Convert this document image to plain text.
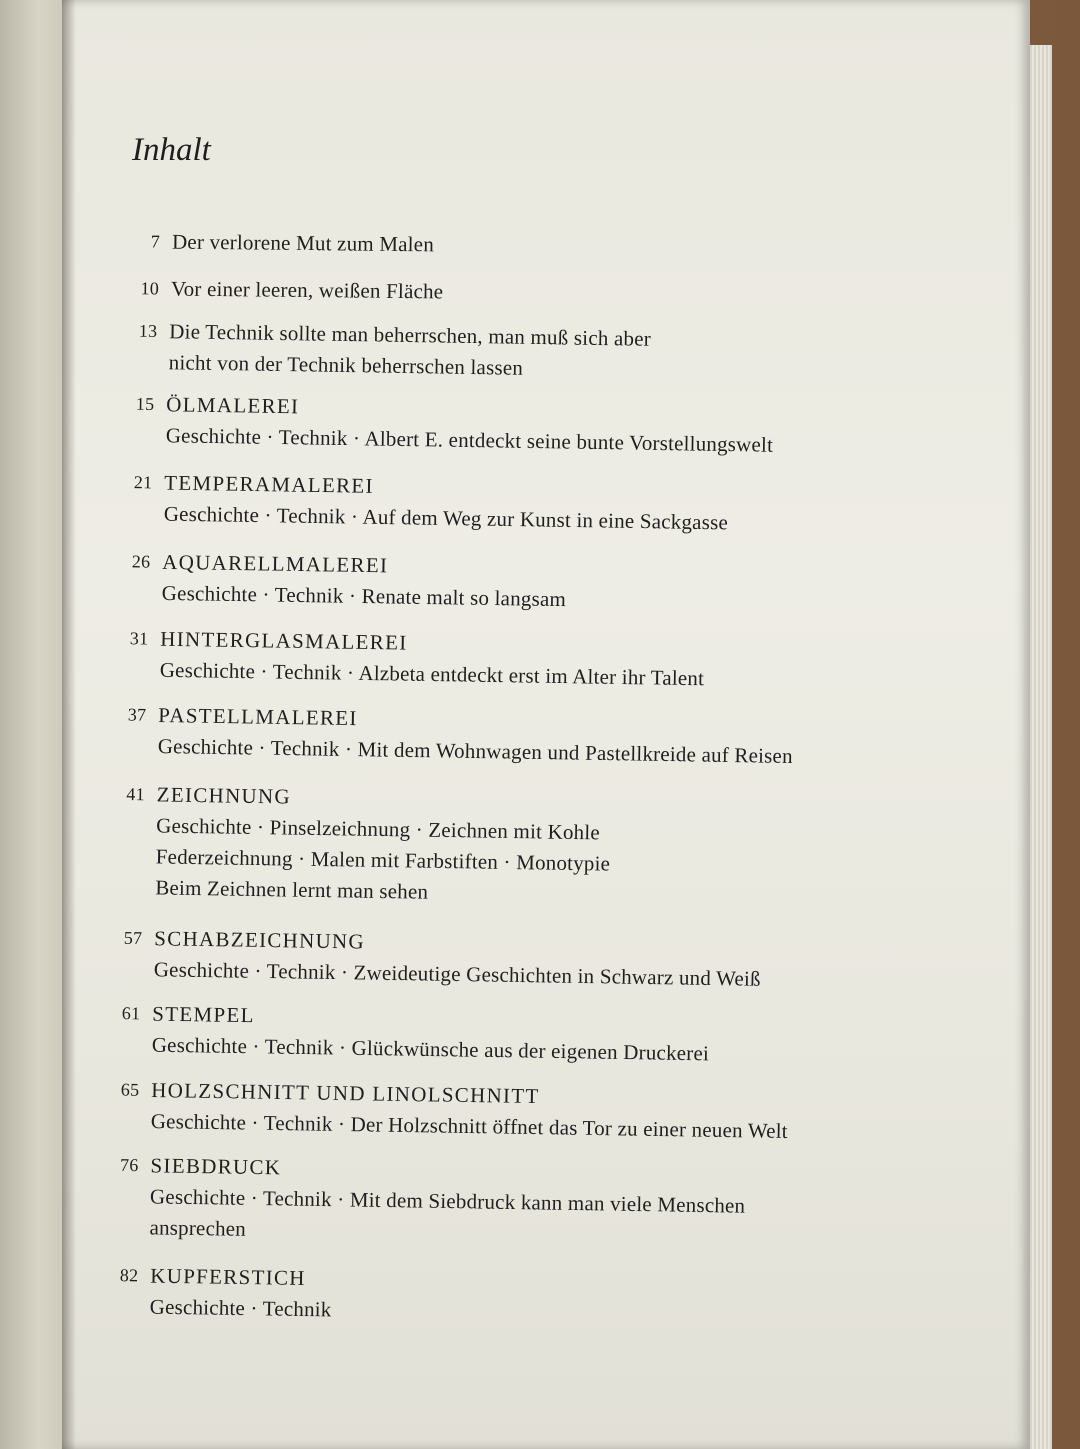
Inhalt
7 Der verlorene Mut zum Malen
10 Vor einer leeren, weißen Fläche
13 Die Technik sollte man beherrschen, man muß sich aber
nicht von der Technik beherrschen lassen
15 ÖLMALEREI
Geschichte · Technik · Albert E. entdeckt seine bunte Vorstellungswelt
21 TEMPERAMALEREI
Geschichte · Technik · Auf dem Weg zur Kunst in eine Sackgasse
26 AQUARELLMALEREI
Geschichte · Technik · Renate malt so langsam
31 HINTERGLASMALEREI
Geschichte · Technik · Alzbeta entdeckt erst im Alter ihr Talent
37 PASTELLMALEREI
Geschichte · Technik · Mit dem Wohnwagen und Pastellkreide auf Reisen
41 ZEICHNUNG
Geschichte · Pinselzeichnung · Zeichnen mit Kohle
Federzeichnung · Malen mit Farbstiften · Monotypie
Beim Zeichnen lernt man sehen
57 SCHABZEICHNUNG
Geschichte · Technik · Zweideutige Geschichten in Schwarz und Weiß
61 STEMPEL
Geschichte · Technik · Glückwünsche aus der eigenen Druckerei
65 HOLZSCHNITT UND LINOLSCHNITT
Geschichte · Technik · Der Holzschnitt öffnet das Tor zu einer neuen Welt
76 SIEBDRUCK
Geschichte · Technik · Mit dem Siebdruck kann man viele Menschen
ansprechen
82 KUPFERSTICH
Geschichte · Technik
